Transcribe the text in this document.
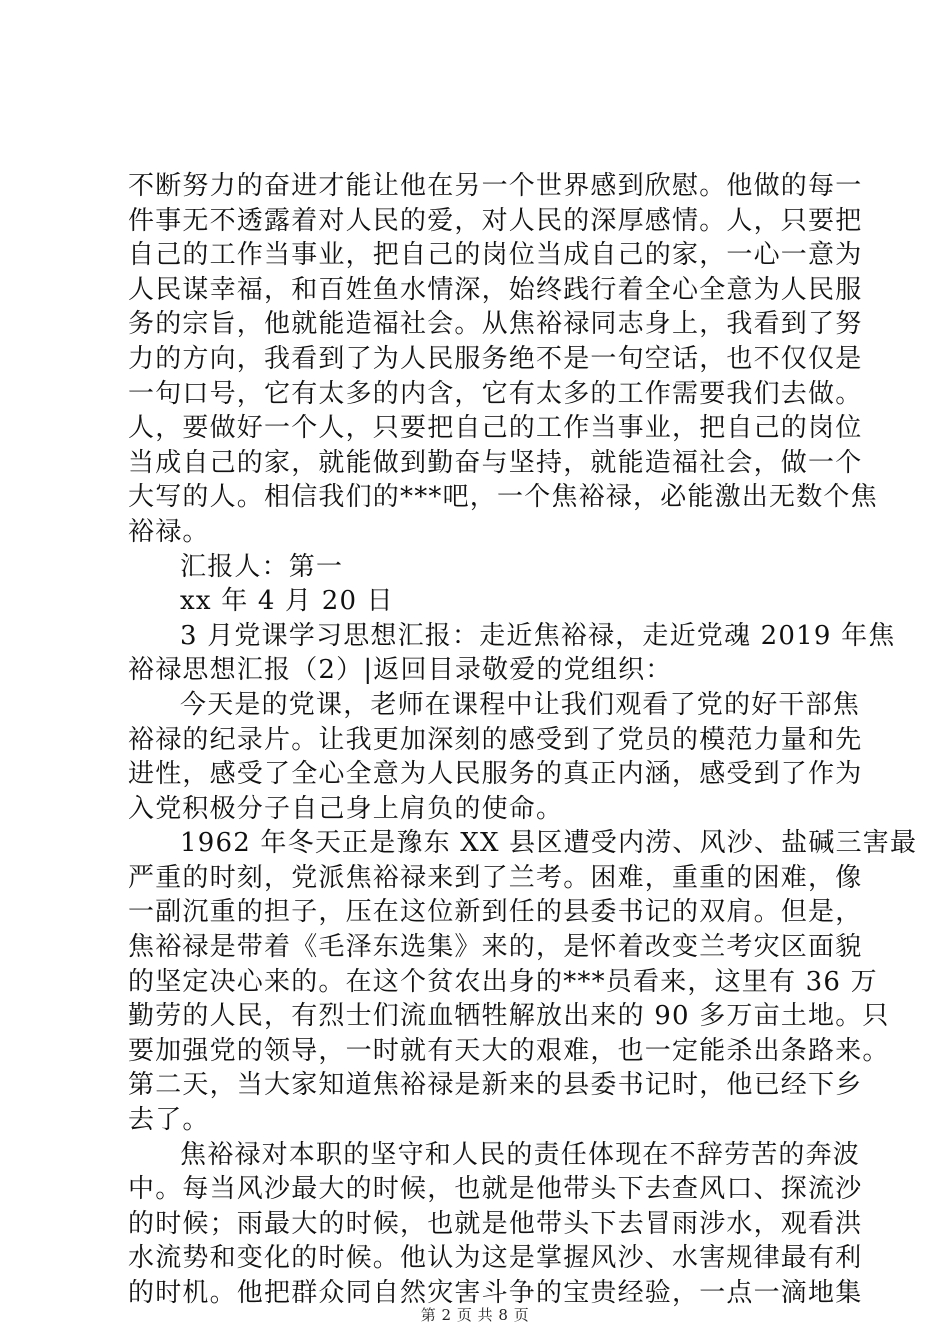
不断努力的奋进才能让他在另一个世界感到欣慰。他做的每一
件事无不透露着对人民的爱，对人民的深厚感情。人，只要把
自己的工作当事业，把自己的岗位当成自己的家，一心一意为
人民谋幸福，和百姓鱼水情深，始终践行着全心全意为人民服
务的宗旨，他就能造福社会。从焦裕禄同志身上，我看到了努
力的方向，我看到了为人民服务绝不是一句空话，也不仅仅是
一句口号，它有太多的内含，它有太多的工作需要我们去做。
人，要做好一个人，只要把自己的工作当事业，把自己的岗位
当成自己的家，就能做到勤奋与坚持，就能造福社会，做一个
大写的人。相信我们的***吧，一个焦裕禄，必能激出无数个焦
裕禄。
汇报人：第一
xx 年 4 月 20 日
3 月党课学习思想汇报：走近焦裕禄，走近党魂 2019 年焦
裕禄思想汇报（2）|返回目录敬爱的党组织：
今天是的党课，老师在课程中让我们观看了党的好干部焦
裕禄的纪录片。让我更加深刻的感受到了党员的模范力量和先
进性，感受了全心全意为人民服务的真正内涵，感受到了作为
入党积极分子自己身上肩负的使命。
1962 年冬天正是豫东 XX 县区遭受内涝、风沙、盐碱三害最
严重的时刻，党派焦裕禄来到了兰考。困难，重重的困难，像
一副沉重的担子，压在这位新到任的县委书记的双肩。但是，
焦裕禄是带着《毛泽东选集》来的，是怀着改变兰考灾区面貌
的坚定决心来的。在这个贫农出身的***员看来，这里有 36 万
勤劳的人民，有烈士们流血牺牲解放出来的 90 多万亩土地。只
要加强党的领导，一时就有天大的艰难，也一定能杀出条路来。
第二天，当大家知道焦裕禄是新来的县委书记时，他已经下乡
去了。
焦裕禄对本职的坚守和人民的责任体现在不辞劳苦的奔波
中。每当风沙最大的时候，也就是他带头下去查风口、探流沙
的时候；雨最大的时候，也就是他带头下去冒雨涉水，观看洪
水流势和变化的时候。他认为这是掌握风沙、水害规律最有利
的时机。他把群众同自然灾害斗争的宝贵经验，一点一滴地集
第 2 页 共 8 页
